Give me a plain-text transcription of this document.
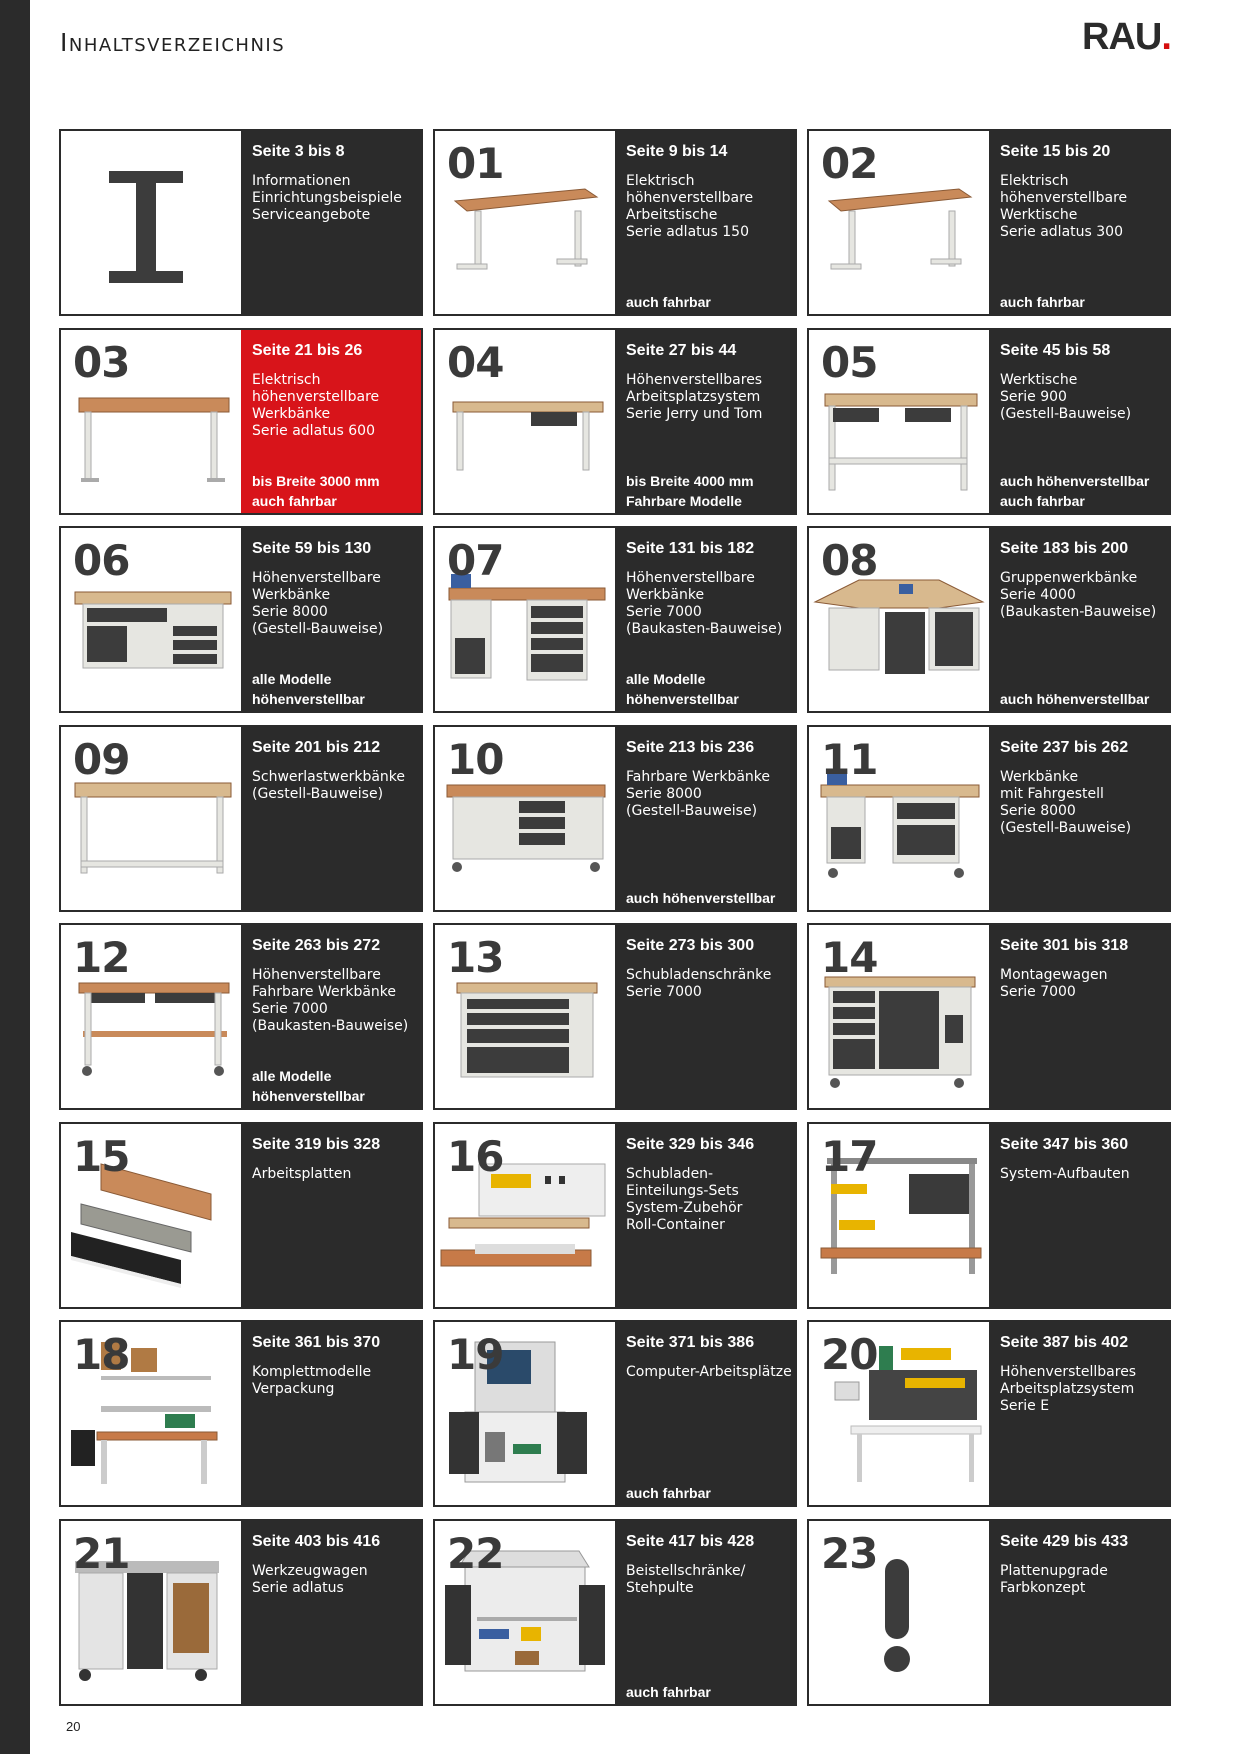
Inhaltsverzeichnis	RAU.
Seite 3 bis 8
Informationen
Einrichtungsbeispiele
Serviceangebote
01	Seite 9 bis 14
Elektrisch
höhenverstellbare
Arbeitstische
Serie adlatus 150
auch fahrbar
02	Seite 15 bis 20
Elektrisch
höhenverstellbare
Werktische
Serie adlatus 300
auch fahrbar
03	Seite 21 bis 26
Elektrisch
höhenverstellbare
Werkbänke
Serie adlatus 600
bis Breite 3000 mm
auch fahrbar
04	Seite 27 bis 44
Höhenverstellbares
Arbeitsplatzsystem
Serie Jerry und Tom
bis Breite 4000 mm
Fahrbare Modelle
05	Seite 45 bis 58
Werktische
Serie 900
(Gestell-Bauweise)
auch höhenverstellbar
auch fahrbar
06	Seite 59 bis 130
Höhenverstellbare
Werkbänke
Serie 8000
(Gestell-Bauweise)
alle Modelle
höhenverstellbar
07	Seite 131 bis 182
Höhenverstellbare
Werkbänke
Serie 7000
(Baukasten-Bauweise)
alle Modelle
höhenverstellbar
08	Seite 183 bis 200
Gruppenwerkbänke
Serie 4000
(Baukasten-Bauweise)
auch höhenverstellbar
09	Seite 201 bis 212
Schwerlastwerkbänke
(Gestell-Bauweise)
10	Seite 213 bis 236
Fahrbare Werkbänke
Serie 8000
(Gestell-Bauweise)
auch höhenverstellbar
11	Seite 237 bis 262
Werkbänke
mit Fahrgestell
Serie 8000
(Gestell-Bauweise)
12	Seite 263 bis 272
Höhenverstellbare
Fahrbare Werkbänke
Serie 7000
(Baukasten-Bauweise)
alle Modelle
höhenverstellbar
13	Seite 273 bis 300
Schubladenschränke
Serie 7000
14	Seite 301 bis 318
Montagewagen
Serie 7000
15	Seite 319 bis 328
Arbeitsplatten	16	Seite 329 bis 346
Schubladen-
Einteilungs-Sets
System-Zubehör
Roll-Container
17	Seite 347 bis 360
System-Aufbauten
18	Seite 361 bis 370
Komplettmodelle
Verpackung
19	Seite 371 bis 386
Computer-Arbeitsplätze
auch fahrbar
20	Seite 387 bis 402
Höhenverstellbares
Arbeitsplatzsystem
Serie E
21	Seite 403 bis 416
Werkzeugwagen
Serie adlatus
22	Seite 417 bis 428
Beistellschränke/
Stehpulte
auch fahrbar
23	Seite 429 bis 433
Plattenupgrade
Farbkonzept
20
